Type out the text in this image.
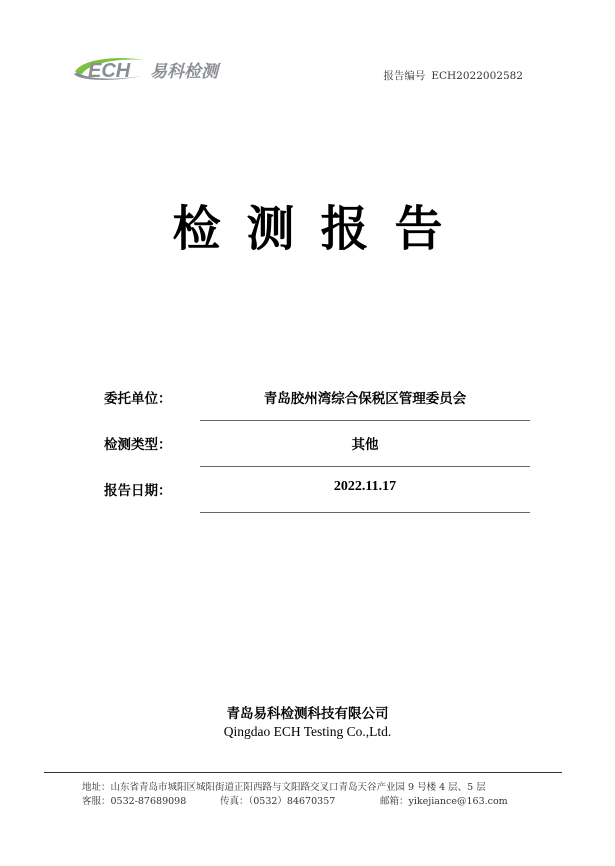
ECH 易科检测	报告编号 ECH2022002582
检测报告
委托单位：	青岛胶州湾综合保税区管理委员会
检测类型：	其他
报告日期：	2022.11.17
青岛易科检测科技有限公司
Qingdao ECH Testing Co.,Ltd.
地址：山东省青岛市城阳区城阳街道正阳西路与文阳路交叉口青岛天谷产业园 9 号楼 4 层、5 层
客服：0532-87689098	传真：（0532）84670357	邮箱：yikejiance@163.com
